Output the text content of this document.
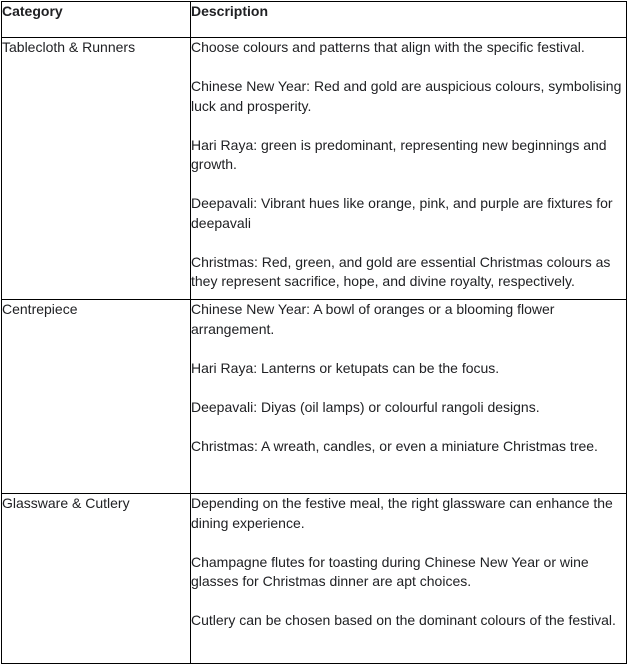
Category	Description
Tablecloth & Runners	Choose colours and patterns that align with the specific festival.

Chinese New Year: Red and gold are auspicious colours, symbolising luck and prosperity.

Hari Raya: green is predominant, representing new beginnings and growth.

Deepavali: Vibrant hues like orange, pink, and purple are fixtures for deepavali

Christmas: Red, green, and gold are essential Christmas colours as they represent sacrifice, hope, and divine royalty, respectively.

Centrepiece	Chinese New Year: A bowl of oranges or a blooming flower arrangement.

Hari Raya: Lanterns or ketupats can be the focus.

Deepavali: Diyas (oil lamps) or colourful rangoli designs.

Christmas: A wreath, candles, or even a miniature Christmas tree.

Glassware & Cutlery	Depending on the festive meal, the right glassware can enhance the dining experience.

Champagne flutes for toasting during Chinese New Year or wine glasses for Christmas dinner are apt choices.

Cutlery can be chosen based on the dominant colours of the festival.
